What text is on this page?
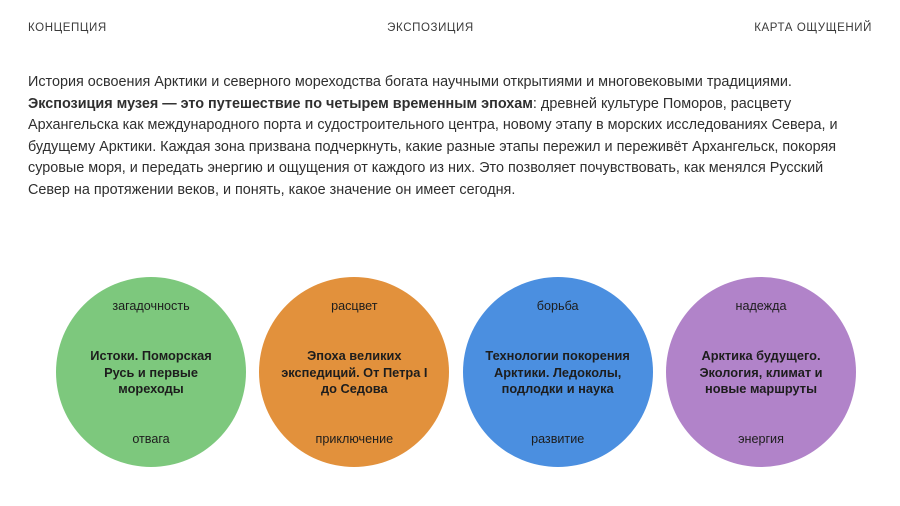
КОНЦЕПЦИЯ	ЭКСПОЗИЦИЯ	КАРТА ОЩУЩЕНИЙ

История освоения Арктики и северного мореходства богата научными открытиями и многовековыми традициями. Экспозиция музея — это путешествие по четырем временным эпохам: древней культуре Поморов, расцвету Архангельска как международного порта и судостроительного центра, новому этапу в морских исследованиях Севера, и будущему Арктики. Каждая зона призвана подчеркнуть, какие разные этапы пережил и переживёт Архангельск, покоряя суровые моря, и передать энергию и ощущения от каждого из них. Это позволяет почувствовать, как менялся Русский Север на протяжении веков, и понять, какое значение он имеет сегодня.

загадочность
Истоки. Поморская Русь и первые мореходы
отвага
расцвет
Эпоха великих экспедиций. От Петра I до Седова
приключение
борьба
Технологии покорения Арктики. Ледоколы, подлодки и наука
развитие
надежда
Арктика будущего. Экология, климат и новые маршруты
энергия
